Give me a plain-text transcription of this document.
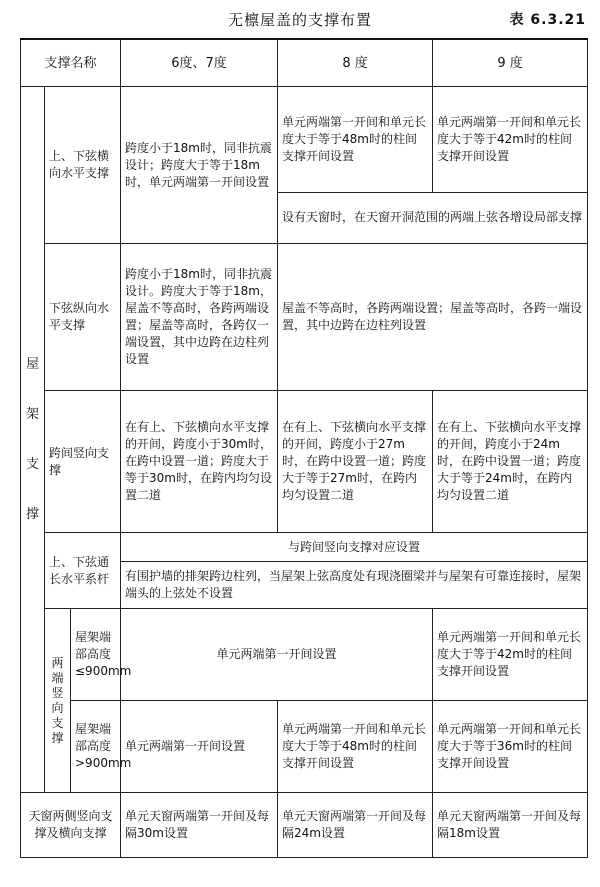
无檩屋盖的支撑布置	表 6.3.21
支撑名称			6度、7度	8 度	9 度

屋
架
支
撑	上、下弦横向水平支撑		跨度小于18m时，同非抗震设计；跨度大于等于18m时，单元两端第一开间设置	单元两端第一开间和单元长度大于等于48m时的柱间支撑开间设置	单元两端第一开间和单元长度大于等于42m时的柱间支撑开间设置
				设有天窗时，在天窗开洞范围的两端上弦各增设局部支撑	
	下弦纵向水平支撑		跨度小于18m时，同非抗震设计。跨度大于等于18m，屋盖不等高时，各跨两端设置；屋盖等高时，各跨仅一端设置，其中边跨在边柱列设置	屋盖不等高时，各跨两端设置；屋盖等高时，各跨一端设置，其中边跨在边柱列设置	
	跨间竖向支撑		在有上、下弦横向水平支撑的开间，跨度小于30m时，在跨中设置一道；跨度大于等于30m时，在跨内均匀设置二道	在有上、下弦横向水平支撑的开间，跨度小于27m时，在跨中设置一道；跨度大于等于27m时，在跨内均匀设置二道	在有上、下弦横向水平支撑的开间，跨度小于24m时，在跨中设置一道；跨度大于等于24m时，在跨内均匀设置二道
	上、下弦通长水平系杆		与跨间竖向支撑对应设置		
			有围护墙的排架跨边柱列，当屋架上弦高度处有现浇圈梁并与屋架有可靠连接时，屋架端头的上弦处不设置		
	两端竖向支撑	屋架端部高度≤900mm	单元两端第一开间设置		单元两端第一开间和单元长度大于等于42m时的柱间支撑开间设置
		屋架端部高度>900mm	单元两端第一开间设置	单元两端第一开间和单元长度大于等于48m时的柱间支撑开间设置	单元两端第一开间和单元长度大于等于36m时的柱间支撑开间设置
天窗两侧竖向支撑及横向支撑			单元天窗两端第一开间及每隔30m设置	单元天窗两端第一开间及每隔24m设置	单元天窗两端第一开间及每隔18m设置
